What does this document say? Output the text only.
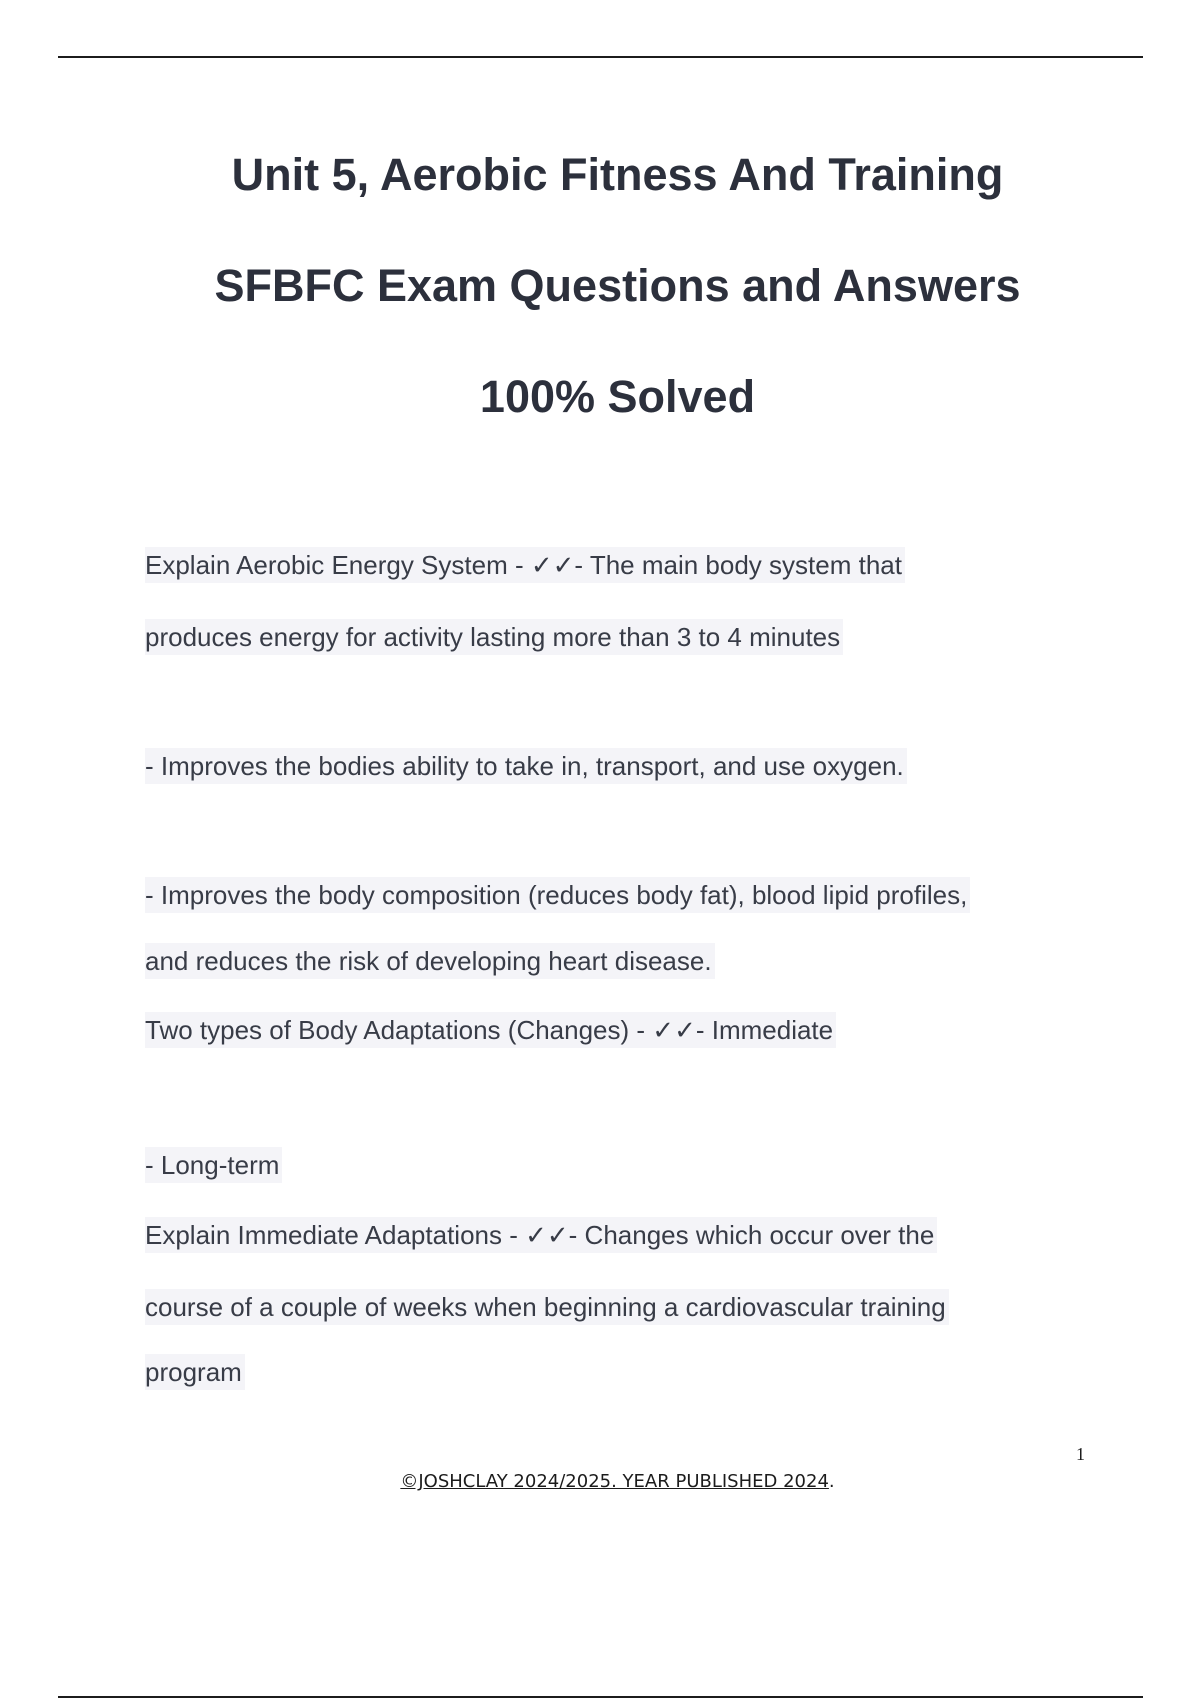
Unit 5, Aerobic Fitness And Training
SFBFC Exam Questions and Answers
100% Solved
Explain Aerobic Energy System - ✓✓- The main body system that
produces energy for activity lasting more than 3 to 4 minutes
- Improves the bodies ability to take in, transport, and use oxygen.
- Improves the body composition (reduces body fat), blood lipid profiles,
and reduces the risk of developing heart disease.
Two types of Body Adaptations (Changes) - ✓✓- Immediate
- Long-term
Explain Immediate Adaptations - ✓✓- Changes which occur over the
course of a couple of weeks when beginning a cardiovascular training
program
1
©JOSHCLAY 2024/2025. YEAR PUBLISHED 2024.
